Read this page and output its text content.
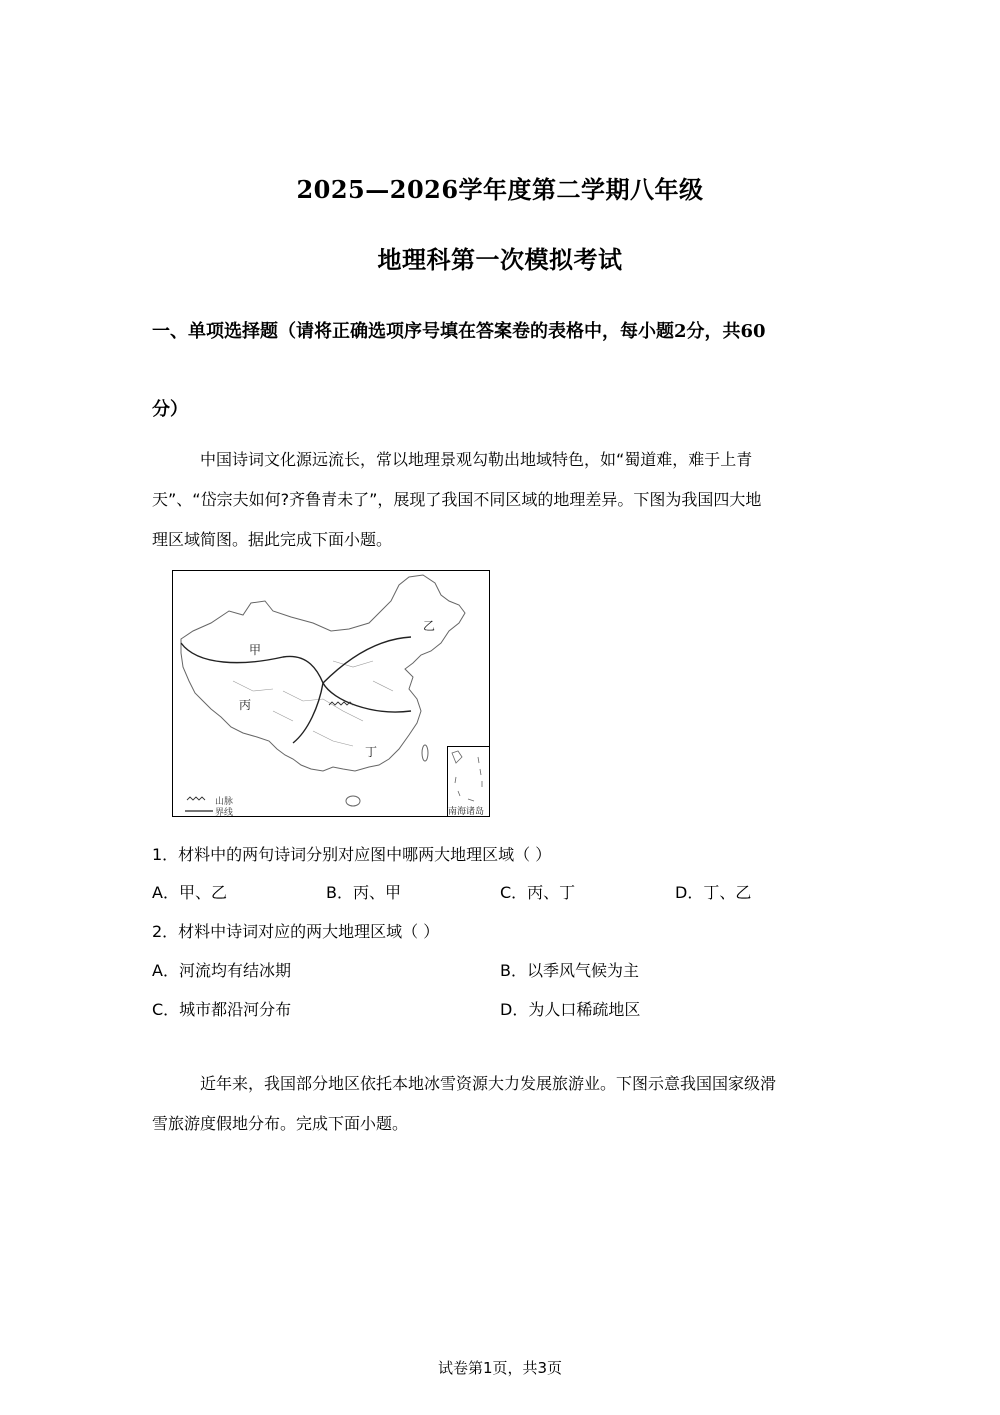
2025—2026学年度第二学期八年级
地理科第一次模拟考试
一、单项选择题（请将正确选项序号填在答案卷的表格中，每小题2分，共60
分）
中国诗词文化源远流长，常以地理景观勾勒出地域特色，如“蜀道难，难于上青
天”、“岱宗夫如何?齐鲁青未了”，展现了我国不同区域的地理差异。下图为我国四大地
理区域简图。据此完成下面小题。
甲
乙
丙
丁
山脉
界线	南海诸岛
1．材料中的两句诗词分别对应图中哪两大地理区域（ ）
A．甲、乙	B．丙、甲	C．丙、丁	D．丁、乙
2．材料中诗词对应的两大地理区域（ ）
A．河流均有结冰期	B．以季风气候为主
C．城市都沿河分布	D．为人口稀疏地区
近年来，我国部分地区依托本地冰雪资源大力发展旅游业。下图示意我国国家级滑
雪旅游度假地分布。完成下面小题。
试卷第1页，共3页
